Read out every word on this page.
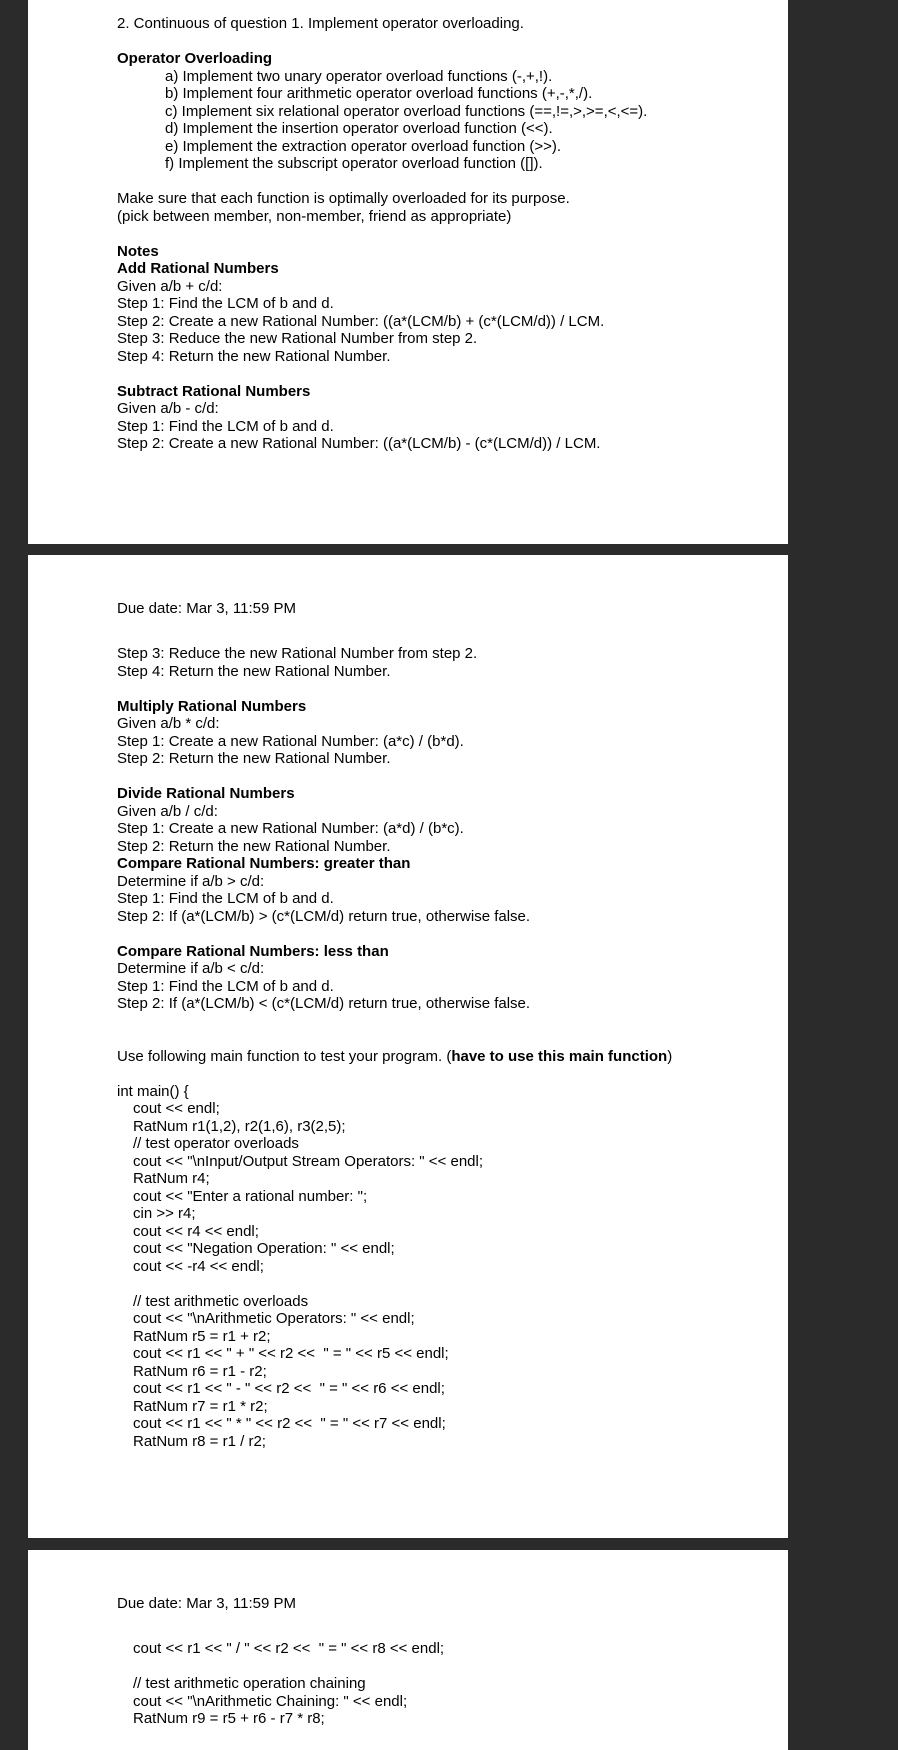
2. Continuous of question 1. Implement operator overloading.
Operator Overloading
a) Implement two unary operator overload functions (-,+,!).
b) Implement four arithmetic operator overload functions (+,-,*,/).
c) Implement six relational operator overload functions (==,!=,>,>=,<,<=).
d) Implement the insertion operator overload function (<<).
e) Implement the extraction operator overload function (>>).
f) Implement the subscript operator overload function ([]).
Make sure that each function is optimally overloaded for its purpose.
(pick between member, non-member, friend as appropriate)
Notes
Add Rational Numbers
Given a/b + c/d:
Step 1: Find the LCM of b and d.
Step 2: Create a new Rational Number: ((a*(LCM/b) + (c*(LCM/d)) / LCM.
Step 3: Reduce the new Rational Number from step 2.
Step 4: Return the new Rational Number.
Subtract Rational Numbers
Given a/b - c/d:
Step 1: Find the LCM of b and d.
Step 2: Create a new Rational Number: ((a*(LCM/b) - (c*(LCM/d)) / LCM.
Due date: Mar 3, 11:59 PM
Step 3: Reduce the new Rational Number from step 2.
Step 4: Return the new Rational Number.
Multiply Rational Numbers
Given a/b * c/d:
Step 1: Create a new Rational Number: (a*c) / (b*d).
Step 2: Return the new Rational Number.
Divide Rational Numbers
Given a/b / c/d:
Step 1: Create a new Rational Number: (a*d) / (b*c).
Step 2: Return the new Rational Number.
Compare Rational Numbers: greater than
Determine if a/b > c/d:
Step 1: Find the LCM of b and d.
Step 2: If (a*(LCM/b) > (c*(LCM/d) return true, otherwise false.
Compare Rational Numbers: less than
Determine if a/b < c/d:
Step 1: Find the LCM of b and d.
Step 2: If (a*(LCM/b) < (c*(LCM/d) return true, otherwise false.
Use following main function to test your program. (have to use this main function)
int main() {
cout << endl;
RatNum r1(1,2), r2(1,6), r3(2,5);
// test operator overloads
cout << "\nInput/Output Stream Operators: " << endl;
RatNum r4;
cout << "Enter a rational number: ";
cin >> r4;
cout << r4 << endl;
cout << "Negation Operation: " << endl;
cout << -r4 << endl;
// test arithmetic overloads
cout << "\nArithmetic Operators: " << endl;
RatNum r5 = r1 + r2;
cout << r1 << " + " << r2 <<  " = " << r5 << endl;
RatNum r6 = r1 - r2;
cout << r1 << " - " << r2 <<  " = " << r6 << endl;
RatNum r7 = r1 * r2;
cout << r1 << " * " << r2 <<  " = " << r7 << endl;
RatNum r8 = r1 / r2;
Due date: Mar 3, 11:59 PM
cout << r1 << " / " << r2 <<  " = " << r8 << endl;
// test arithmetic operation chaining
cout << "\nArithmetic Chaining: " << endl;
RatNum r9 = r5 + r6 - r7 * r8;
